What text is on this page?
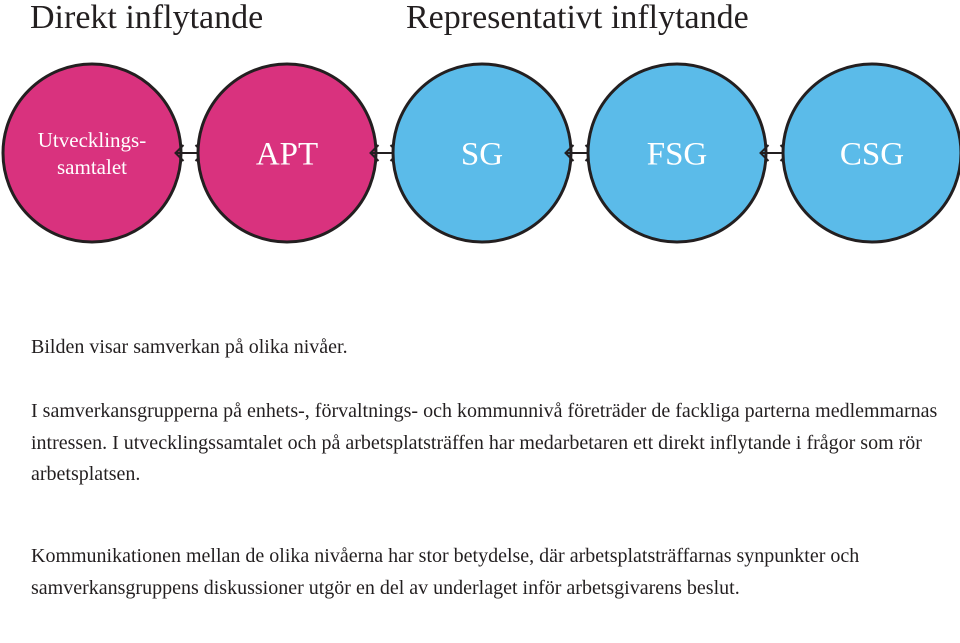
Direkt inflytande	Representativt inflytande
Utvecklings-samtalet	APT	SG	FSG	CSG

Bilden visar samverkan på olika nivåer.

I samverkansgrupperna på enhets-, förvaltnings- och kommunnivå företräder de fackliga parterna medlemmarnas intressen. I utvecklingssamtalet och på arbetsplatsträffen har medarbetaren ett direkt inflytande i frågor som rör arbetsplatsen.

Kommunikationen mellan de olika nivåerna har stor betydelse, där arbetsplatsträffarnas synpunkter och samverkansgruppens diskussioner utgör en del av underlaget inför arbetsgivarens beslut.
